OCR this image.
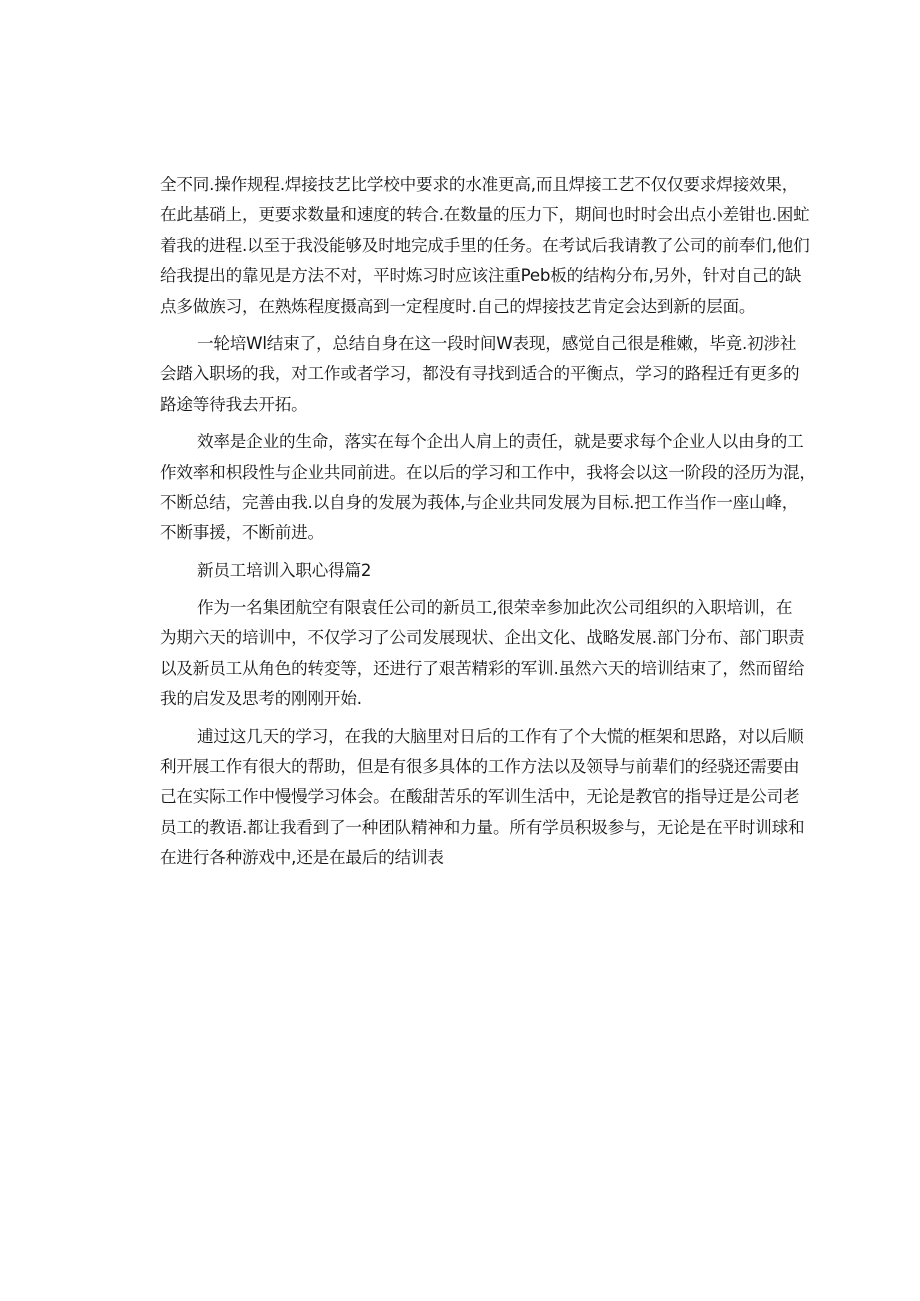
全不同.操作规程.焊接技艺比学校中要求的水准更高,而且焊接工艺不仅仅要求焊接效果，
在此基硝上，更要求数量和速度的转合.在数量的压力下，期间也时时会出点小差钳也.困虻
着我的进程.以至于我没能够及时地完成手里的任务。在考试后我请教了公司的前奉们,他们
给我提出的靠见是方法不对，平时炼习时应该注重Peb板的结构分布,另外，针对自己的缺
点多做族习，在熟炼程度摄高到一定程度时.自己的焊接技艺肯定会达到新的层面。
一轮培Wl结束了，总结自身在这一段时间W表现，感觉自己很是稚嫩，毕竟.初涉社
会踏入职场的我，对工作或者学习，都没有寻找到适合的平衡点，学习的路程迁有更多的
路途等待我去开拓。
效率是企业的生命，落实在每个企出人肩上的责任，就是要求每个企业人以由身的工
作效率和枳段性与企业共同前进。在以后的学习和工作中，我将会以这一阶段的泾历为混，
不断总结，完善由我.以自身的发展为莪体,与企业共同发展为目标.把工作当作一座山峰，
不断事援，不断前进。
新员工培训入职心得篇2
作为一名集团航空有限袁任公司的新员工,很荣幸参加此次公司组织的入职培训，在
为期六天的培训中，不仅学习了公司发展现状、企出文化、战略发展.部门分布、部门职责
以及新员工从角色的转変等，还进行了艰苦精彩的军训.虽然六天的培训结束了，然而留给
我的启发及思考的刚刚开始.
逋过这几天的学习，在我的大脑里对日后的工作有了个大慌的框架和思路，对以后顺
利开展工作有很大的帮助，但是有很多具体的工作方法以及领导与前辈们的经骁还需要由
己在实际工作中慢慢学习体会。在酸甜苦乐的军训生活中，无论是教官的指导迂是公司老
员工的教语.都让我看到了一种团队精神和力量。所有学员积圾参与，无论是在平时训球和
在进行各种游戏中,还是在最后的结训表
